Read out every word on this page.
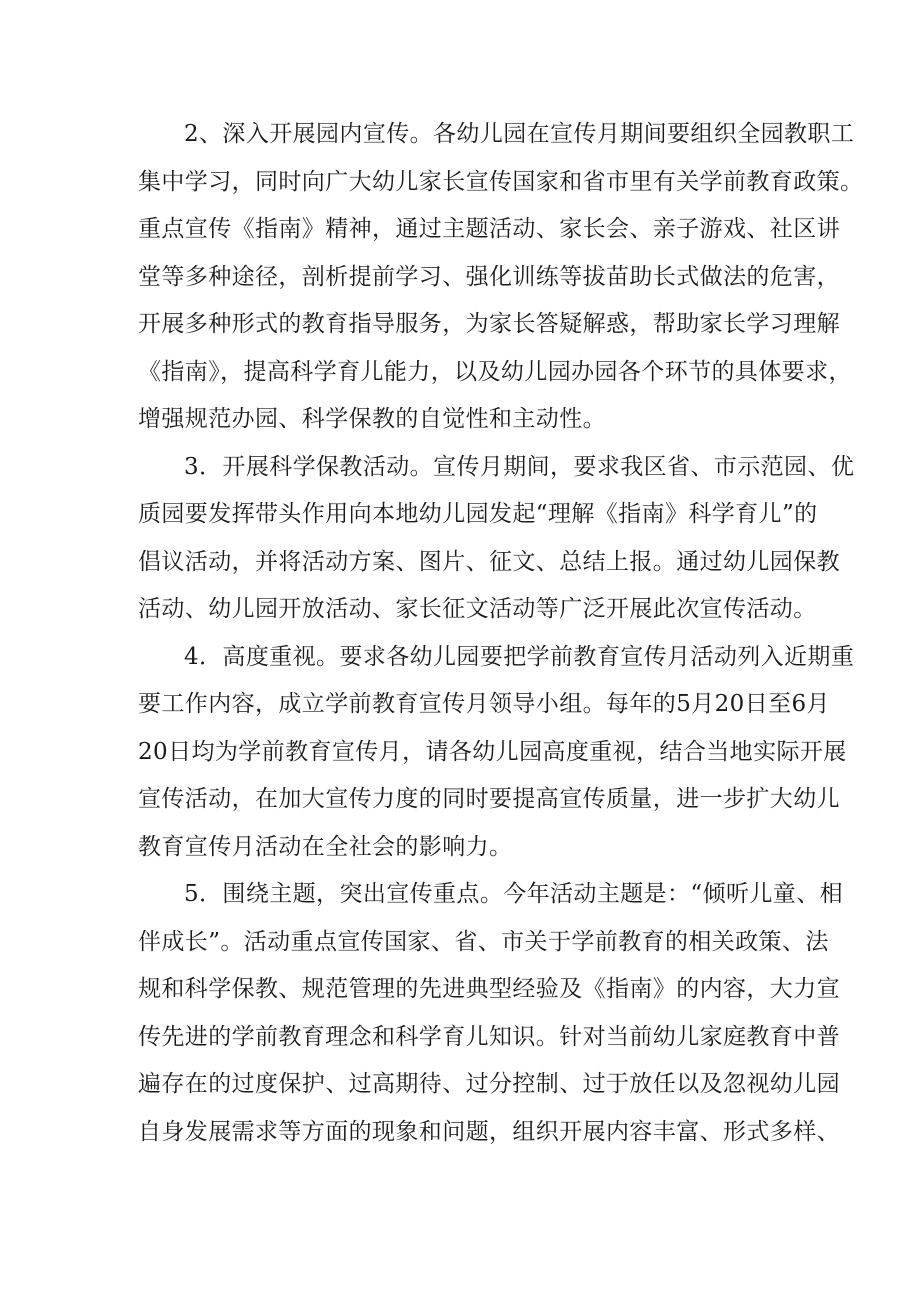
2、深入开展园内宣传。各幼儿园在宣传月期间要组织全园教职工
集中学习，同时向广大幼儿家长宣传国家和省市里有关学前教育政策。
重点宣传《指南》精神，通过主题活动、家长会、亲子游戏、社区讲
堂等多种途径，剖析提前学习、强化训练等拔苗助长式做法的危害，
开展多种形式的教育指导服务，为家长答疑解惑，帮助家长学习理解
《指南》，提高科学育儿能力，以及幼儿园办园各个环节的具体要求，
增强规范办园、科学保教的自觉性和主动性。
3．开展科学保教活动。宣传月期间，要求我区省、市示范园、优
质园要发挥带头作用向本地幼儿园发起“理解《指南》科学育儿”的
倡议活动，并将活动方案、图片、征文、总结上报。通过幼儿园保教
活动、幼儿园开放活动、家长征文活动等广泛开展此次宣传活动。
4．高度重视。要求各幼儿园要把学前教育宣传月活动列入近期重
要工作内容，成立学前教育宣传月领导小组。每年的5月20日至6月
20日均为学前教育宣传月，请各幼儿园高度重视，结合当地实际开展
宣传活动，在加大宣传力度的同时要提高宣传质量，进一步扩大幼儿
教育宣传月活动在全社会的影响力。
5．围绕主题，突出宣传重点。今年活动主题是：“倾听儿童、相
伴成长”。活动重点宣传国家、省、市关于学前教育的相关政策、法
规和科学保教、规范管理的先进典型经验及《指南》的内容，大力宣
传先进的学前教育理念和科学育儿知识。针对当前幼儿家庭教育中普
遍存在的过度保护、过高期待、过分控制、过于放任以及忽视幼儿园
自身发展需求等方面的现象和问题，组织开展内容丰富、形式多样、
